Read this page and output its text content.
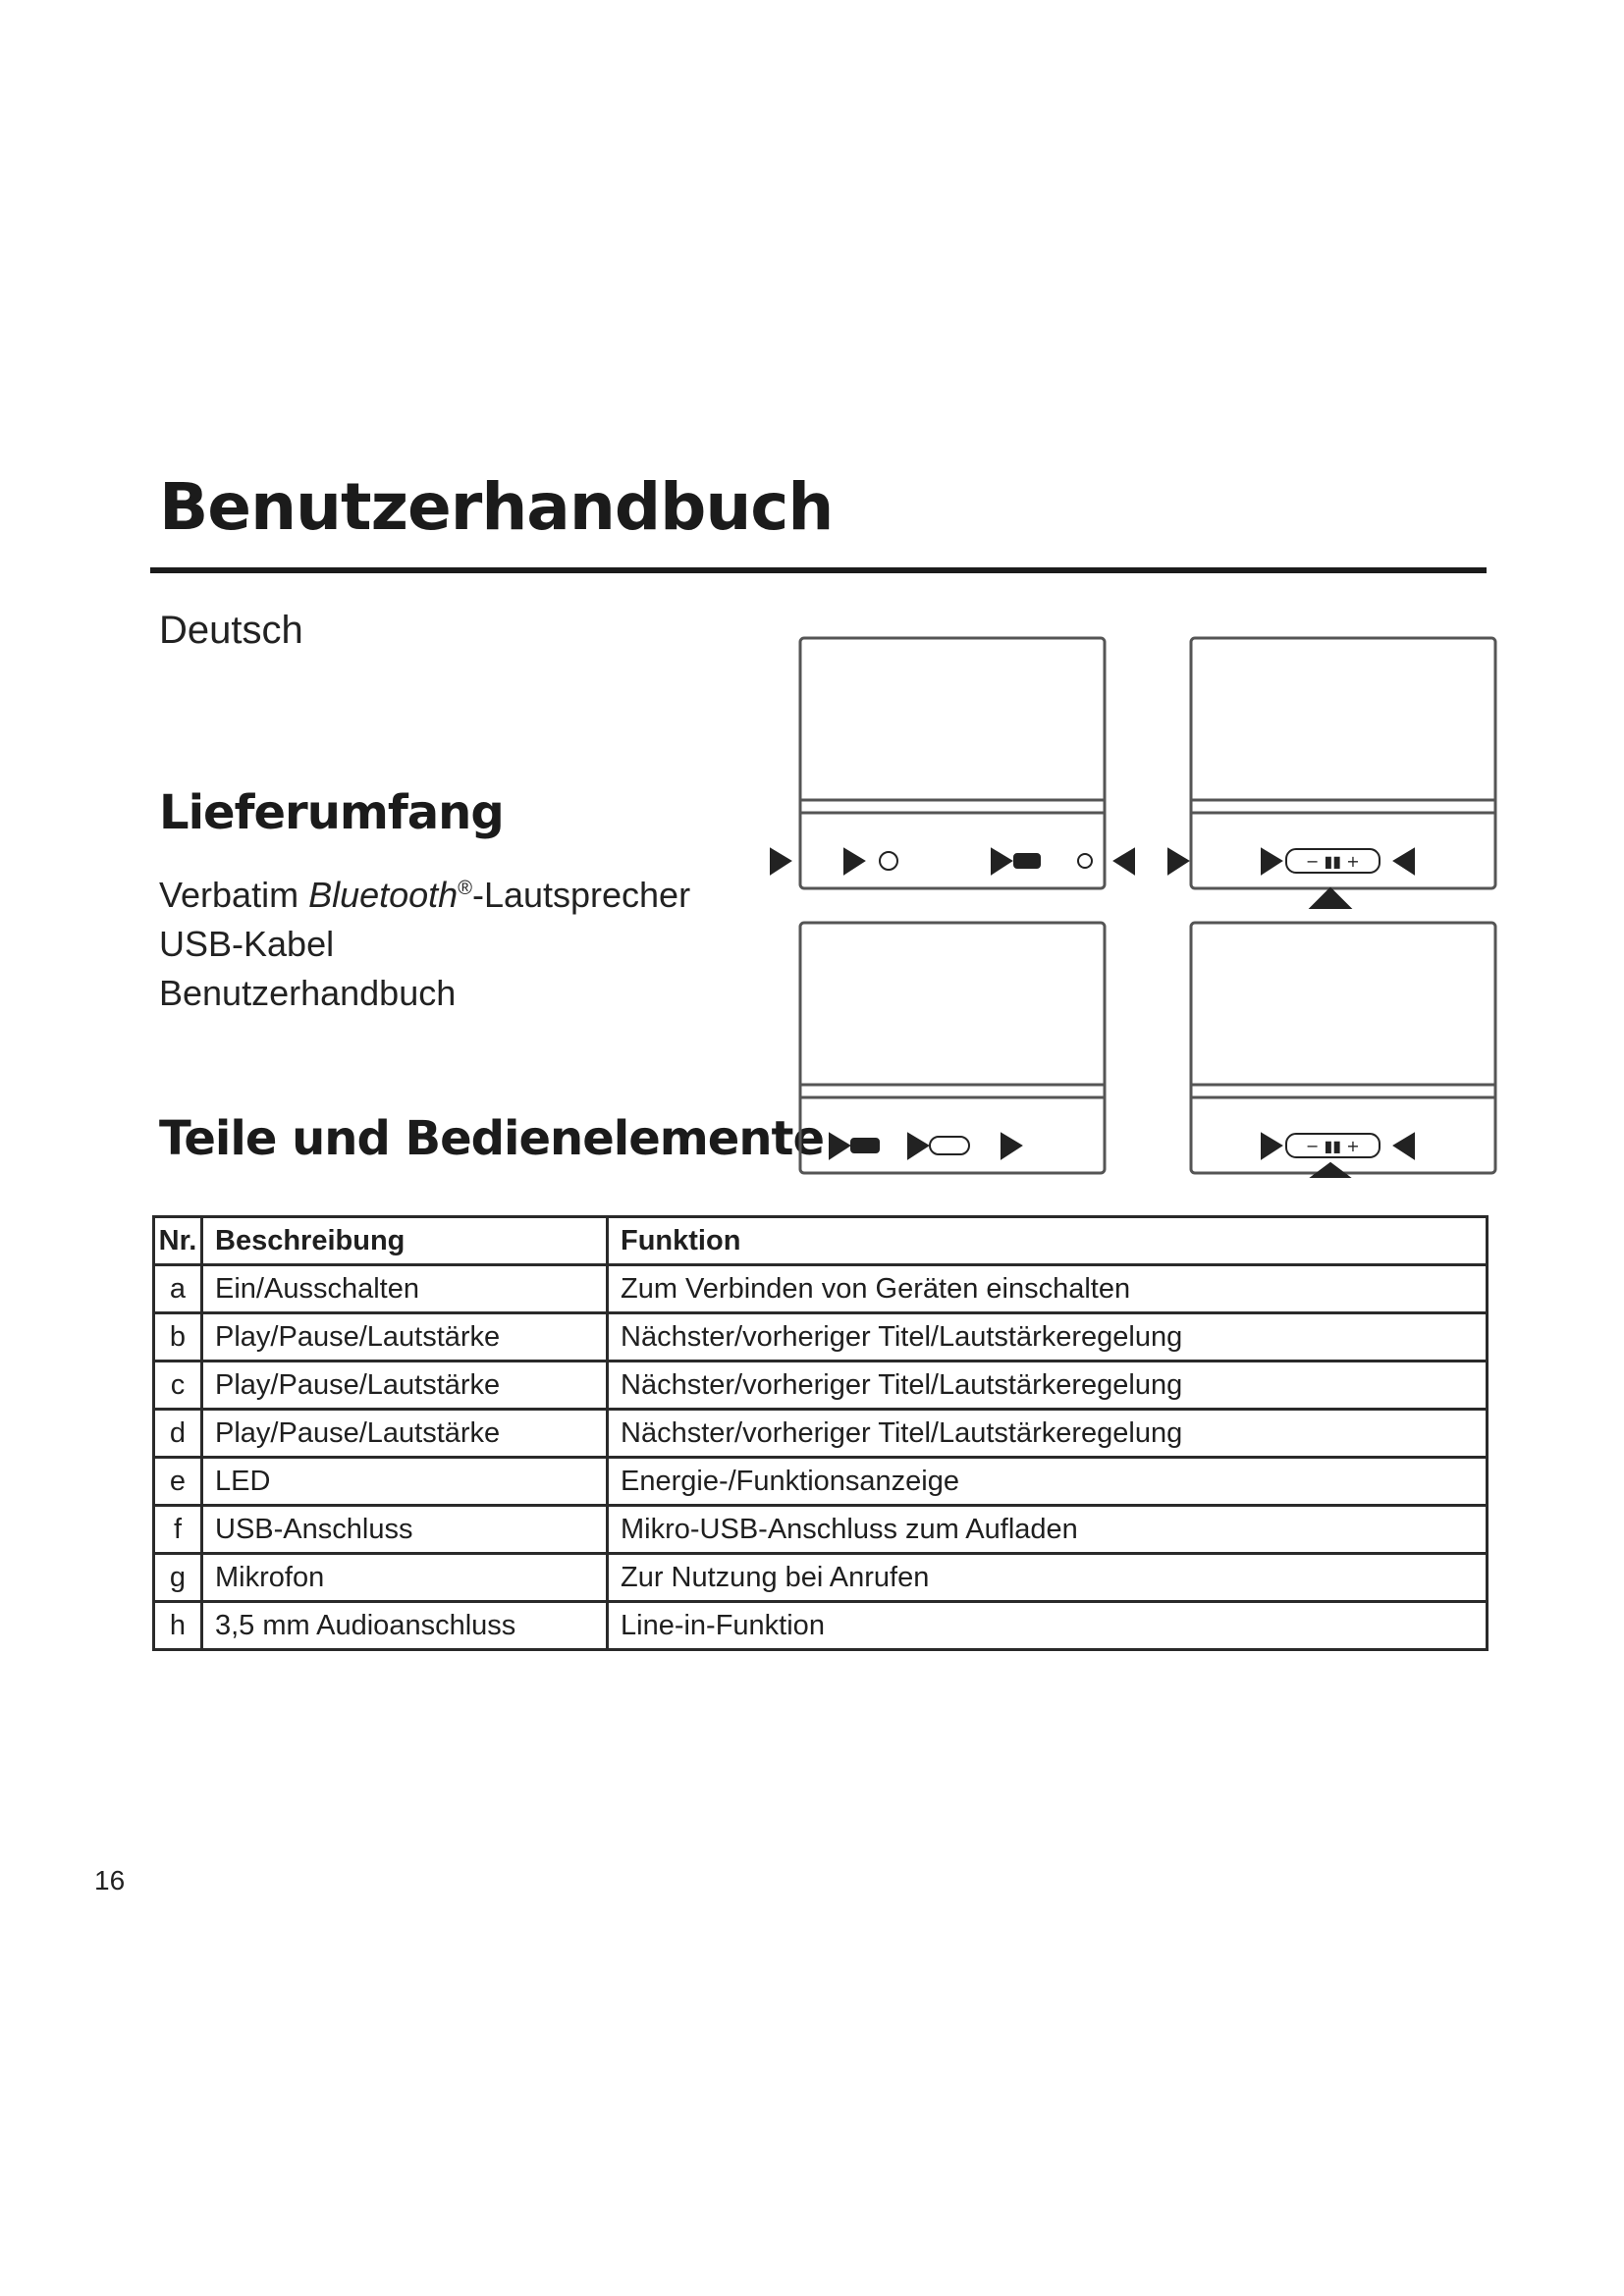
Benutzerhandbuch
Deutsch
Lieferumfang
Verbatim Bluetooth®-Lautsprecher
USB-Kabel
Benutzerhandbuch
Teile und Bedienelemente
− ▮▮ +
− ▮▮ +
Nr.	Beschreibung	Funktion
a	Ein/Ausschalten	Zum Verbinden von Geräten einschalten
b	Play/Pause/Lautstärke	Nächster/vorheriger Titel/Lautstärkeregelung
c	Play/Pause/Lautstärke	Nächster/vorheriger Titel/Lautstärkeregelung
d	Play/Pause/Lautstärke	Nächster/vorheriger Titel/Lautstärkeregelung
e	LED	Energie-/Funktionsanzeige
f	USB-Anschluss	Mikro-USB-Anschluss zum Aufladen
g	Mikrofon	Zur Nutzung bei Anrufen
h	3,5 mm Audioanschluss	Line-in-Funktion
16
